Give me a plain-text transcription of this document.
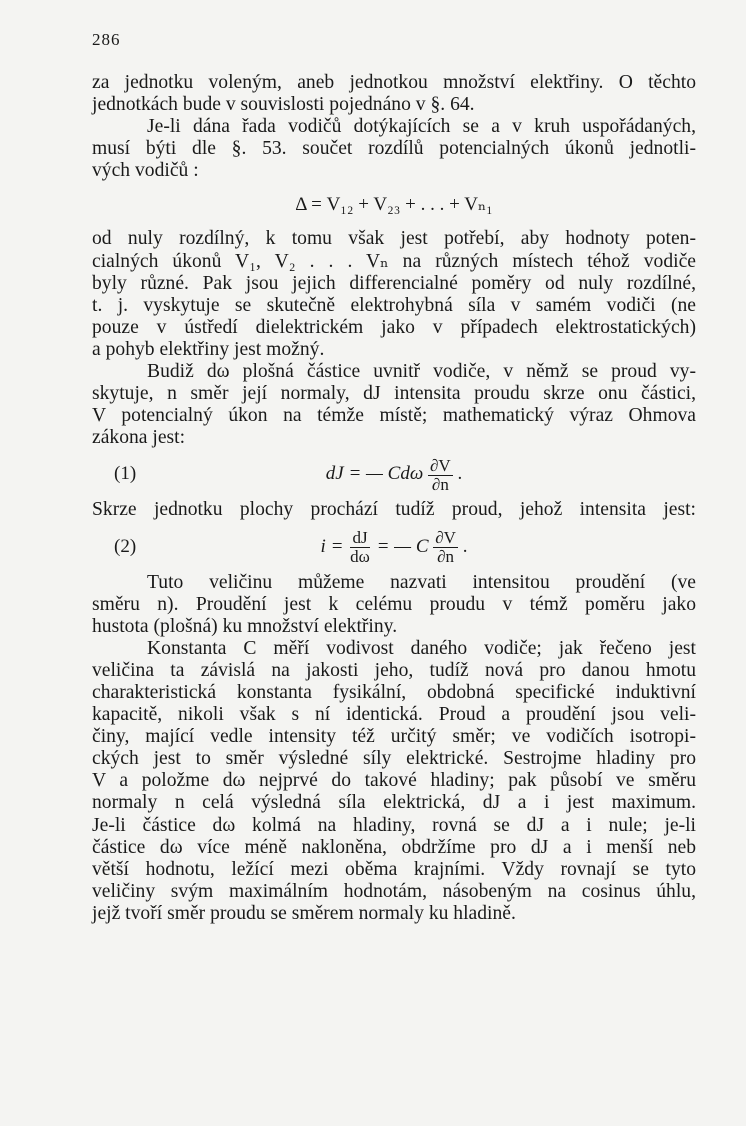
286
za jednotku voleným, aneb jednotkou množství elektřiny. O těchto
jednotkách bude v souvislosti pojednáno v §. 64.
Je-li dána řada vodičů dotýkajících se a v kruh uspořádaných,
musí býti dle §. 53. součet rozdílů potencialných úkonů jednotli-
vých vodičů :
Δ = V₁₂ + V₂₃ + . . . + Vₙ₁
od nuly rozdílný, k tomu však jest potřebí, aby hodnoty poten-
cialných úkonů V₁, V₂ . . . Vₙ na různých místech téhož vodiče
byly různé. Pak jsou jejich differencialné poměry od nuly rozdílné,
t. j. vyskytuje se skutečně elektrohybná síla v samém vodiči (ne
pouze v ústředí dielektrickém jako v případech elektrostatických)
a pohyb elektřiny jest možný.
Budiž dω plošná částice uvnitř vodiče, v němž se proud vy-
skytuje, n směr její normaly, dJ intensita proudu skrze onu částici,
V potencialný úkon na témže místě; mathematický výraz Ohmova
zákona jest:
(1)	dJ = — Cdω $\frac{\partial V}{\partial n}$ .
Skrze jednotku plochy prochází tudíž proud, jehož intensita jest:
(2)	$i = \frac{dJ}{d\omega}$ = — C $\frac{\partial V}{\partial n}$ .
Tuto veličinu můžeme nazvati intensitou proudění (ve
směru n). Proudění jest k celému proudu v témž poměru jako
hustota (plošná) ku množství elektřiny.
Konstanta C měří vodivost daného vodiče; jak řečeno jest
veličina ta závislá na jakosti jeho, tudíž nová pro danou hmotu
charakteristická konstanta fysikální, obdobná specifické induktivní
kapacitě, nikoli však s ní identická. Proud a proudění jsou veli-
činy, mající vedle intensity též určitý směr; ve vodičích isotropi-
ckých jest to směr výsledné síly elektrické. Sestrojme hladiny pro
V a položme dω nejprvé do takové hladiny; pak působí ve směru
normaly n celá výsledná síla elektrická, dJ a i jest maximum.
Je-li částice dω kolmá na hladiny, rovná se dJ a i nule; je-li
částice dω více méně nakloněna, obdržíme pro dJ a i menší neb
větší hodnotu, ležící mezi oběma krajními. Vždy rovnají se tyto
veličiny svým maximálním hodnotám, násobeným na cosinus úhlu,
jejž tvoří směr proudu se směrem normaly ku hladině.
